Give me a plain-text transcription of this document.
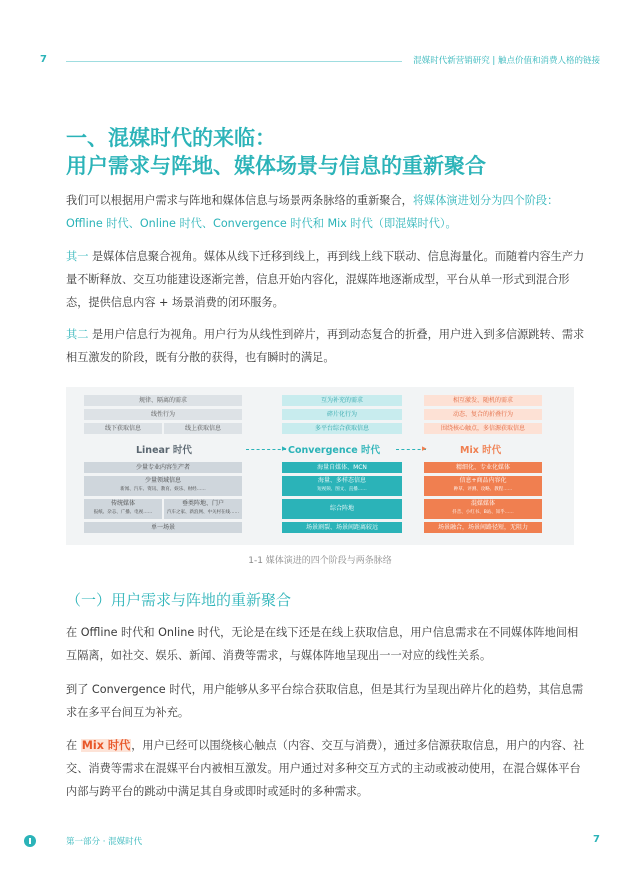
7	混媒时代新营销研究 | 触点价值和消费人格的链接
一、混媒时代的来临：
用户需求与阵地、媒体场景与信息的重新聚合
我们可以根据用户需求与阵地和媒体信息与场景两条脉络的重新聚合，将媒体演进划分为四个阶段：Offline 时代、Online 时代、Convergence 时代和 Mix 时代（即混媒时代）。
其一 是媒体信息聚合视角。媒体从线下迁移到线上，再到线上线下联动、信息海量化。而随着内容生产力量不断释放、交互功能建设逐渐完善，信息开始内容化，混媒阵地逐渐成型，平台从单一形式到混合形态，提供信息内容 + 场景消费的闭环服务。
其二 是用户信息行为视角。用户行为从线性到碎片，再到动态复合的折叠，用户进入到多信源跳转、需求相互激发的阶段，既有分散的获得，也有瞬时的满足。
规律、隔离的需求
线性行为
线下获取信息	线上获取信息
Linear 时代
少量专业内容生产者
少量领域信息
新闻、汽车、资讯、教育、娱乐、财经……
传统媒体
报纸、杂志、广播、电视……
垂类阵地、门户
汽车之家、新浪网、中关村在线……
单一场景
▸
互为补充的需求
碎片化行为
多平台综合获取信息
Convergence 时代
海量自媒体、MCN
海量、多样态信息
短视频、图文、直播……
综合阵地
场景割裂、场景间距离较远
▸
相互激发、随机的需求
动态、复合的折叠行为
围绕核心触点，多信源获取信息
Mix 时代
精细化、专业化媒体
信息+商品内容化
种草、评测、攻略、教程……
混媒媒体
抖音、小红书、B站、知乎……
场景融合，场景间路径短，无阻力
1-1 媒体演进的四个阶段与两条脉络
（一）用户需求与阵地的重新聚合
在 Offline 时代和 Online 时代，无论是在线下还是在线上获取信息，用户信息需求在不同媒体阵地间相互隔离，如社交、娱乐、新闻、消费等需求，与媒体阵地呈现出一一对应的线性关系。
到了 Convergence 时代，用户能够从多平台综合获取信息，但是其行为呈现出碎片化的趋势，其信息需求在多平台间互为补充。
在 Mix 时代，用户已经可以围绕核心触点（内容、交互与消费），通过多信源获取信息，用户的内容、社交、消费等需求在混媒平台内被相互激发。用户通过对多种交互方式的主动或被动使用，在混合媒体平台内部与跨平台的跳动中满足其自身或即时或延时的多种需求。
第一部分 · 混媒时代	7
